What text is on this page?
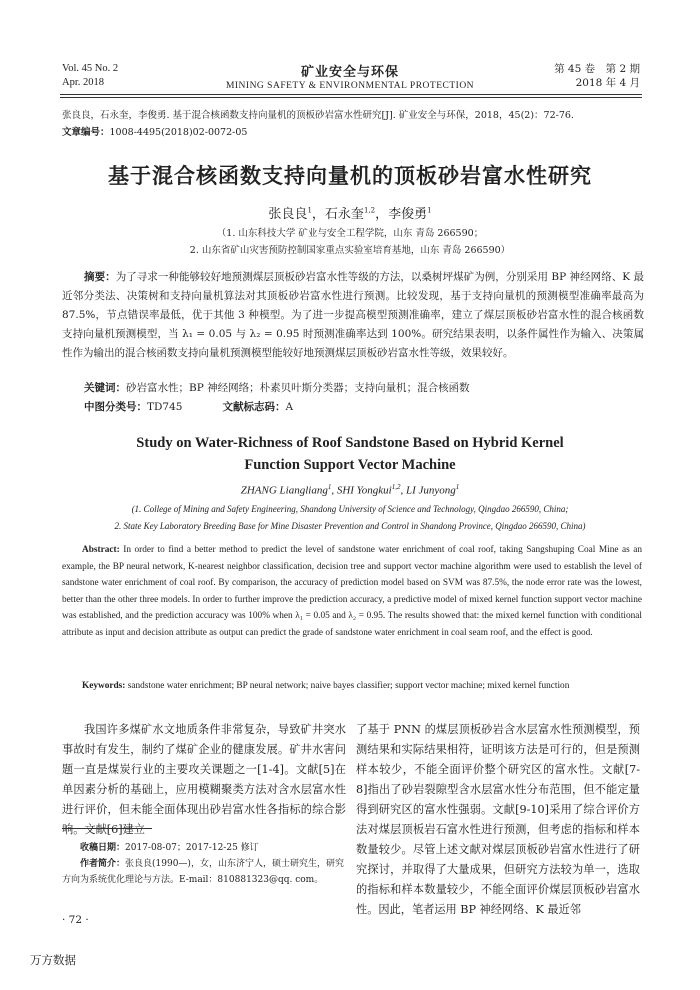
Vol. 45 No. 2
Apr. 2018
矿业安全与环保
MINING SAFETY & ENVIRONMENTAL PROTECTION
第 45 卷　第 2 期
2018 年 4 月
张良良，石永奎，李俊勇. 基于混合核函数支持向量机的顶板砂岩富水性研究[J]. 矿业安全与环保，2018，45(2)：72-76.
文章编号：1008-4495(2018)02-0072-05
基于混合核函数支持向量机的顶板砂岩富水性研究
张良良$^1$，石永奎$^{1,2}$，李俊勇$^1$
（1. 山东科技大学 矿业与安全工程学院，山东 青岛 266590；
2. 山东省矿山灾害预防控制国家重点实验室培育基地，山东 青岛 266590）
摘要：为了寻求一种能够较好地预测煤层顶板砂岩富水性等级的方法，以桑树坪煤矿为例，分别采用 BP 神经网络、K 最近邻分类法、决策树和支持向量机算法对其顶板砂岩富水性进行预测。比较发现，基于支持向量机的预测模型准确率最高为 87.5%，节点错误率最低，优于其他 3 种模型。为了进一步提高模型预测准确率，建立了煤层顶板砂岩富水性的混合核函数支持向量机预测模型，当 λ₁ = 0.05 与 λ₂ = 0.95 时预测准确率达到 100%。研究结果表明，以条件属性作为输入、决策属性作为输出的混合核函数支持向量机预测模型能较好地预测煤层顶板砂岩富水性等级，效果较好。
关键词：砂岩富水性；BP 神经网络；朴素贝叶斯分类器；支持向量机；混合核函数
中图分类号：TD745	文献标志码：A
Study on Water-Richness of Roof Sandstone Based on Hybrid Kernel
Function Support Vector Machine
ZHANG Liangliang$^1$, SHI Yongkui$^{1,2}$, LI Junyong$^1$
(1. College of Mining and Safety Engineering, Shandong University of Science and Technology, Qingdao 266590, China;
2. State Key Laboratory Breeding Base for Mine Disaster Prevention and Control in Shandong Province, Qingdao 266590, China)
Abstract: In order to find a better method to predict the level of sandstone water enrichment of coal roof, taking Sangshuping Coal Mine as an example, the BP neural network, K-nearest neighbor classification, decision tree and support vector machine algorithm were used to establish the level of sandstone water enrichment of coal roof. By comparison, the accuracy of prediction model based on SVM was 87.5%, the node error rate was the lowest, better than the other three models. In order to further improve the prediction accuracy, a predictive model of mixed kernel function support vector machine was established, and the prediction accuracy was 100% when λ₁ = 0.05 and λ₂ = 0.95. The results showed that: the mixed kernel function with conditional attribute as input and decision attribute as output can predict the grade of sandstone water enrichment in coal seam roof, and the effect is good.
Keywords: sandstone water enrichment; BP neural network; naive bayes classifier; support vector machine; mixed kernel function
我国许多煤矿水文地质条件非常复杂，导致矿井突水事故时有发生，制约了煤矿企业的健康发展。矿井水害问题一直是煤炭行业的主要攻关课题之一[1-4]。文献[5]在单因素分析的基础上，应用模糊聚类方法对含水层富水性进行评价，但未能全面体现出砂岩富水性各指标的综合影响。文献[6]建立
了基于 PNN 的煤层顶板砂岩含水层富水性预测模型，预测结果和实际结果相符，证明该方法是可行的，但是预测样本较少，不能全面评价整个研究区的富水性。文献[7-8]指出了砂岩裂隙型含水层富水性分布范围，但不能定量得到研究区的富水性强弱。文献[9-10]采用了综合评价方法对煤层顶板岩石富水性进行预测，但考虑的指标和样本数量较少。尽管上述文献对煤层顶板砂岩富水性进行了研究探讨，并取得了大量成果，但研究方法较为单一，选取的指标和样本数量较少，不能全面评价煤层顶板砂岩富水性。因此，笔者运用 BP 神经网络、K 最近邻
收稿日期：2017-08-07；2017-12-25 修订
作者简介：张良良(1990—)，女，山东济宁人，硕士研究生，研究方向为系统优化理论与方法。E-mail：810881323@qq. com。
· 72 ·
万方数据
